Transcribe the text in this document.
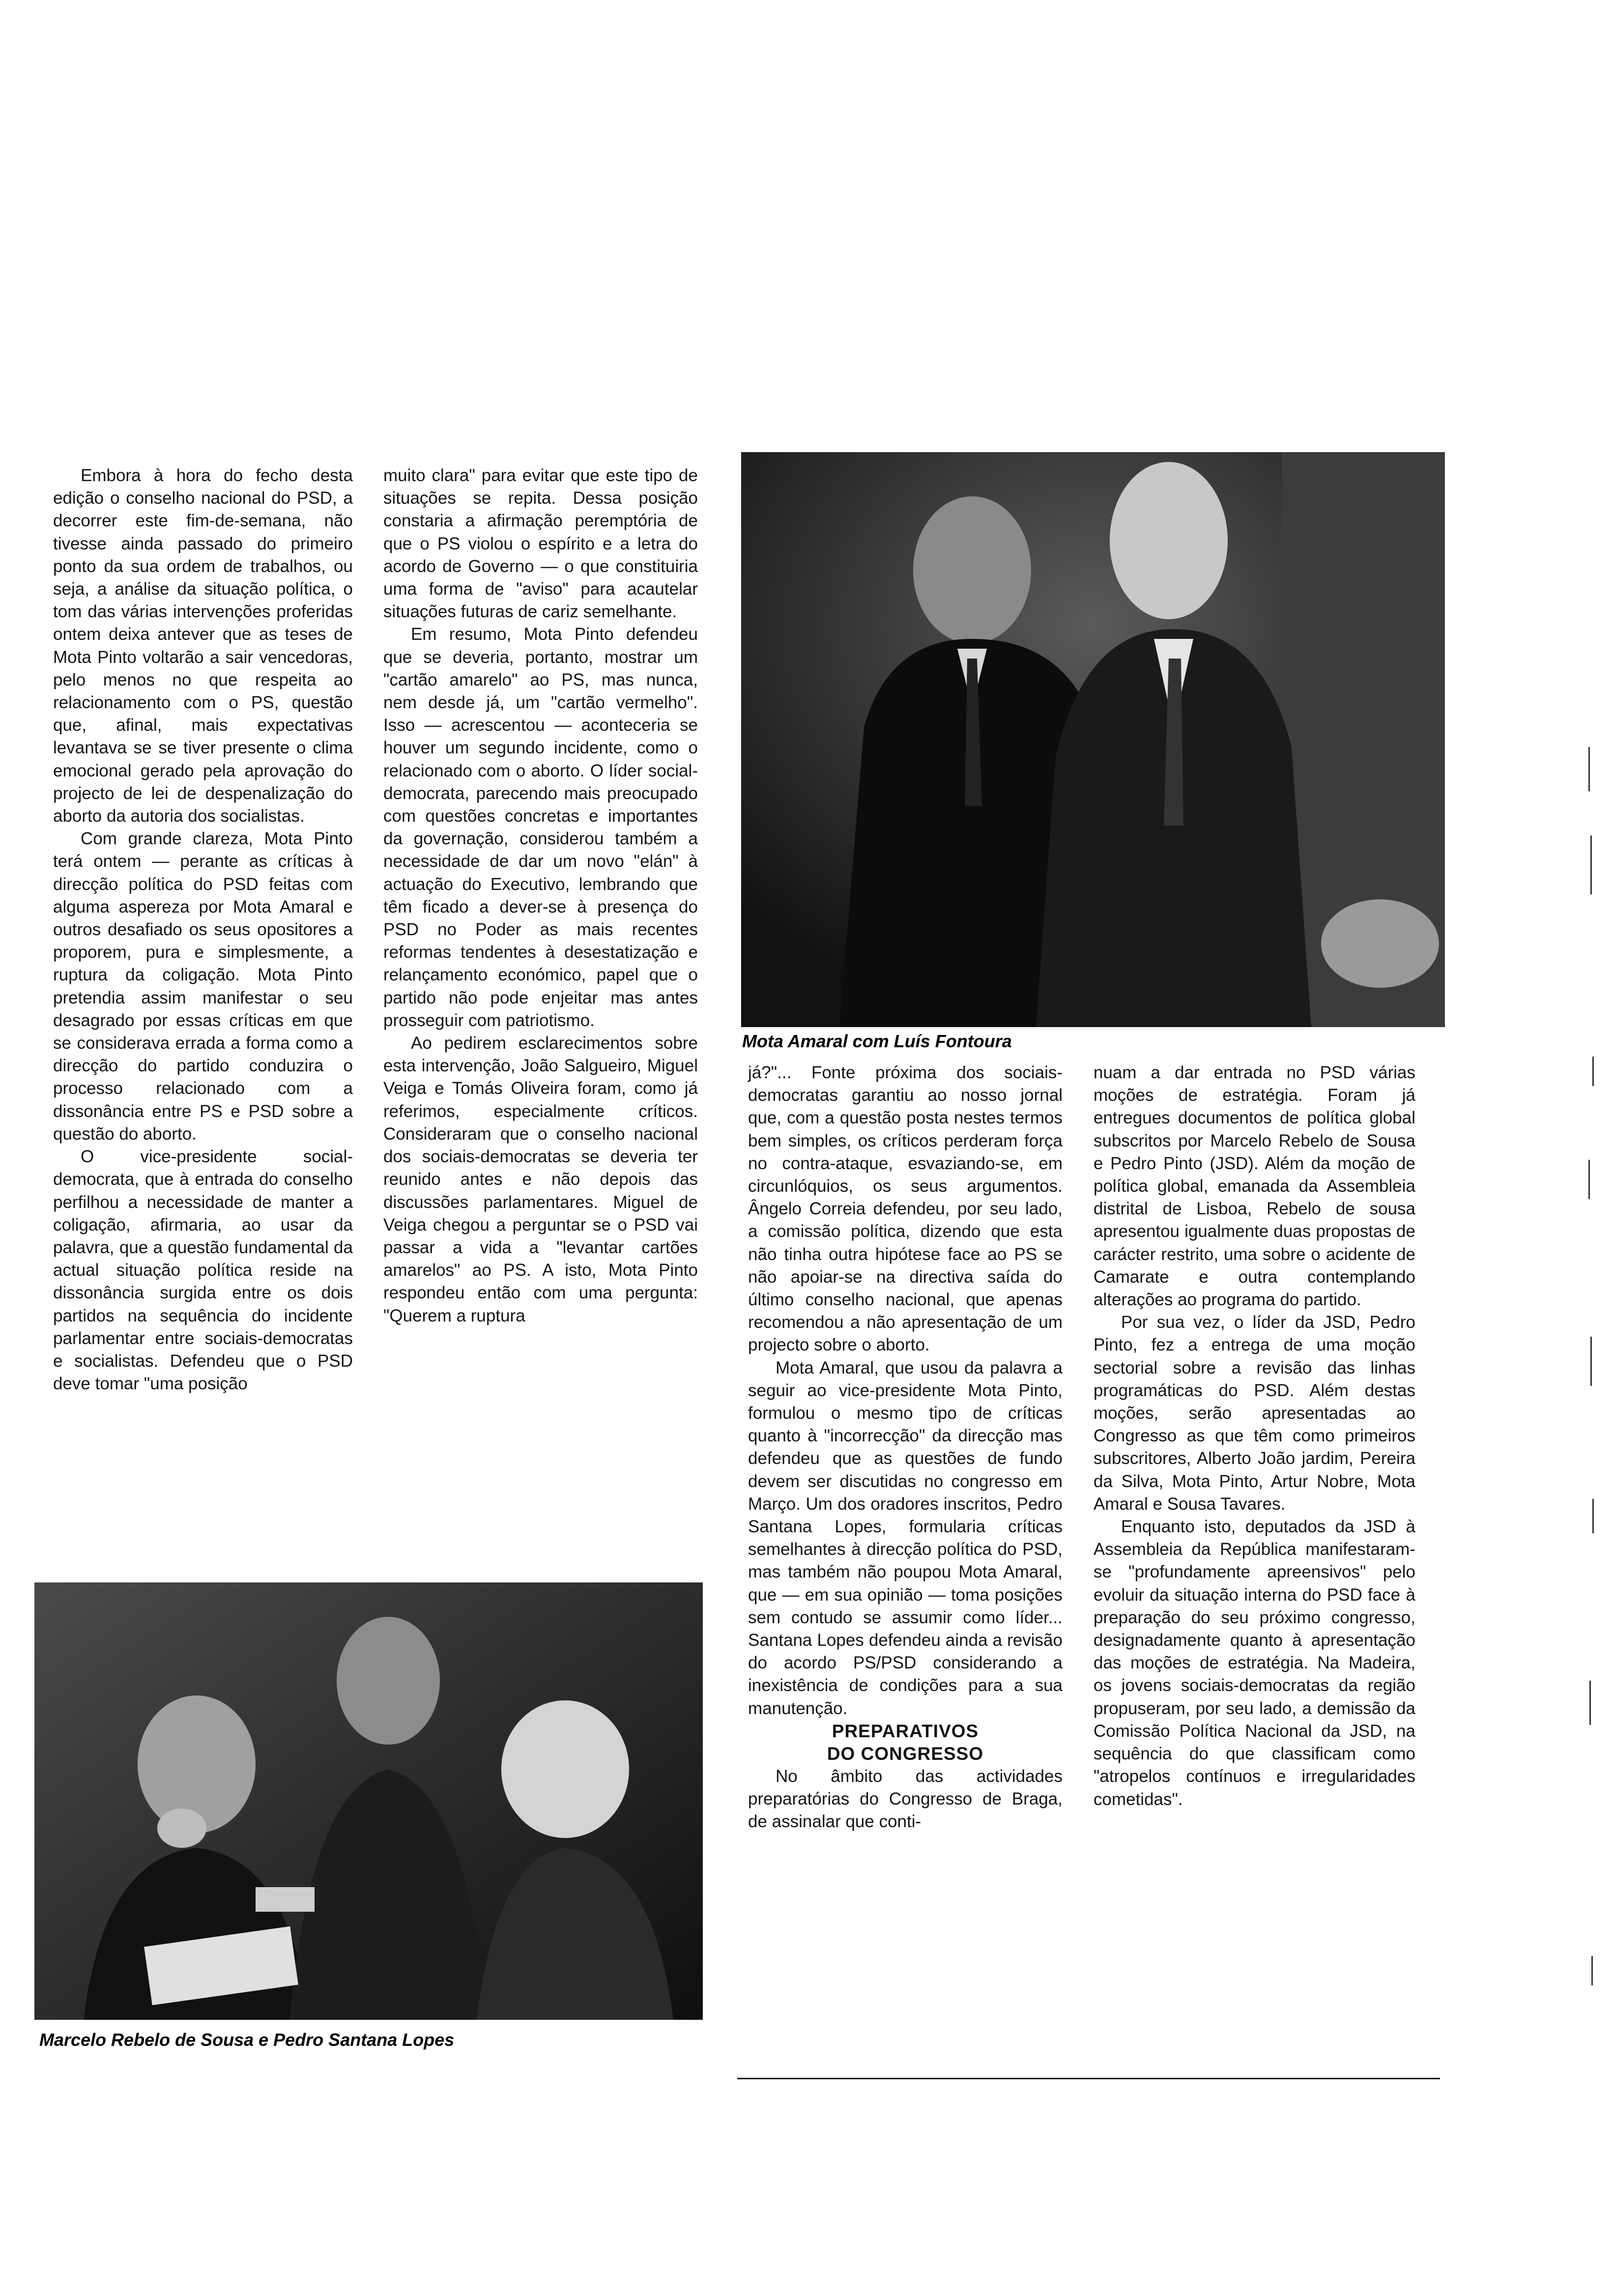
Embora à hora do fecho desta edição o conselho nacional do PSD, a decorrer este fim-de-semana, não tivesse ainda passado do primeiro ponto da sua ordem de trabalhos, ou seja, a análise da situação política, o tom das várias intervenções proferidas ontem deixa antever que as teses de Mota Pinto voltarão a sair vencedoras, pelo menos no que respeita ao relacionamento com o PS, questão que, afinal, mais expectativas levantava se se tiver presente o clima emocional gerado pela aprovação do projecto de lei de despenalização do aborto da autoria dos socialistas.

Com grande clareza, Mota Pinto terá ontem — perante as críticas à direcção política do PSD feitas com alguma aspereza por Mota Amaral e outros desafiado os seus opositores a proporem, pura e simplesmente, a ruptura da coligação. Mota Pinto pretendia assim manifestar o seu desagrado por essas críticas em que se considerava errada a forma como a direcção do partido conduzira o processo relacionado com a dissonância entre PS e PSD sobre a questão do aborto.

O vice-presidente social-democrata, que à entrada do conselho perfilhou a necessidade de manter a coligação, afirmaria, ao usar da palavra, que a questão fundamental da actual situação política reside na dissonância surgida entre os dois partidos na sequência do incidente parlamentar entre sociais-democratas e socialistas. Defendeu que o PSD deve tomar "uma posição

muito clara" para evitar que este tipo de situações se repita. Dessa posição constaria a afirmação peremptória de que o PS violou o espírito e a letra do acordo de Governo — o que constituiria uma forma de "aviso" para acautelar situações futuras de cariz semelhante.

Em resumo, Mota Pinto defendeu que se deveria, portanto, mostrar um "cartão amarelo" ao PS, mas nunca, nem desde já, um "cartão vermelho". Isso — acrescentou — aconteceria se houver um segundo incidente, como o relacionado com o aborto. O líder social-democrata, parecendo mais preocupado com questões concretas e importantes da governação, considerou também a necessidade de dar um novo "elán" à actuação do Executivo, lembrando que têm ficado a dever-se à presença do PSD no Poder as mais recentes reformas tendentes à desestatização e relançamento económico, papel que o partido não pode enjeitar mas antes prosseguir com patriotismo.

Ao pedirem esclarecimentos sobre esta intervenção, João Salgueiro, Miguel Veiga e Tomás Oliveira foram, como já referimos, especialmente críticos. Consideraram que o conselho nacional dos sociais-democratas se deveria ter reunido antes e não depois das discussões parlamentares. Miguel de Veiga chegou a perguntar se o PSD vai passar a vida a "levantar cartões amarelos" ao PS. A isto, Mota Pinto respondeu então com uma pergunta: "Querem a ruptura

Mota Amaral com Luís Fontoura

já?"... Fonte próxima dos sociais-democratas garantiu ao nosso jornal que, com a questão posta nestes termos bem simples, os críticos perderam força no contra-ataque, esvaziando-se, em circunlóquios, os seus argumentos. Ângelo Correia defendeu, por seu lado, a comissão política, dizendo que esta não tinha outra hipótese face ao PS se não apoiar-se na directiva saída do último conselho nacional, que apenas recomendou a não apresentação de um projecto sobre o aborto.

Mota Amaral, que usou da palavra a seguir ao vice-presidente Mota Pinto, formulou o mesmo tipo de críticas quanto à "incorrecção" da direcção mas defendeu que as questões de fundo devem ser discutidas no congresso em Março. Um dos oradores inscritos, Pedro Santana Lopes, formularia críticas semelhantes à direcção política do PSD, mas também não poupou Mota Amaral, que — em sua opinião — toma posições sem contudo se assumir como líder... Santana Lopes defendeu ainda a revisão do acordo PS/PSD considerando a inexistência de condições para a sua manutenção.

PREPARATIVOS
DO CONGRESSO

No âmbito das actividades preparatórias do Congresso de Braga, de assinalar que conti-

nuam a dar entrada no PSD várias moções de estratégia. Foram já entregues documentos de política global subscritos por Marcelo Rebelo de Sousa e Pedro Pinto (JSD). Além da moção de política global, emanada da Assembleia distrital de Lisboa, Rebelo de sousa apresentou igualmente duas propostas de carácter restrito, uma sobre o acidente de Camarate e outra contemplando alterações ao programa do partido.

Por sua vez, o líder da JSD, Pedro Pinto, fez a entrega de uma moção sectorial sobre a revisão das linhas programáticas do PSD. Além destas moções, serão apresentadas ao Congresso as que têm como primeiros subscritores, Alberto João jardim, Pereira da Silva, Mota Pinto, Artur Nobre, Mota Amaral e Sousa Tavares.

Enquanto isto, deputados da JSD à Assembleia da República manifestaram-se "profundamente apreensivos" pelo evoluir da situação interna do PSD face à preparação do seu próximo congresso, designadamente quanto à apresentação das moções de estratégia. Na Madeira, os jovens sociais-democratas da região propuseram, por seu lado, a demissão da Comissão Política Nacional da JSD, na sequência do que classificam como "atropelos contínuos e irregularidades cometidas".

Marcelo Rebelo de Sousa e Pedro Santana Lopes
